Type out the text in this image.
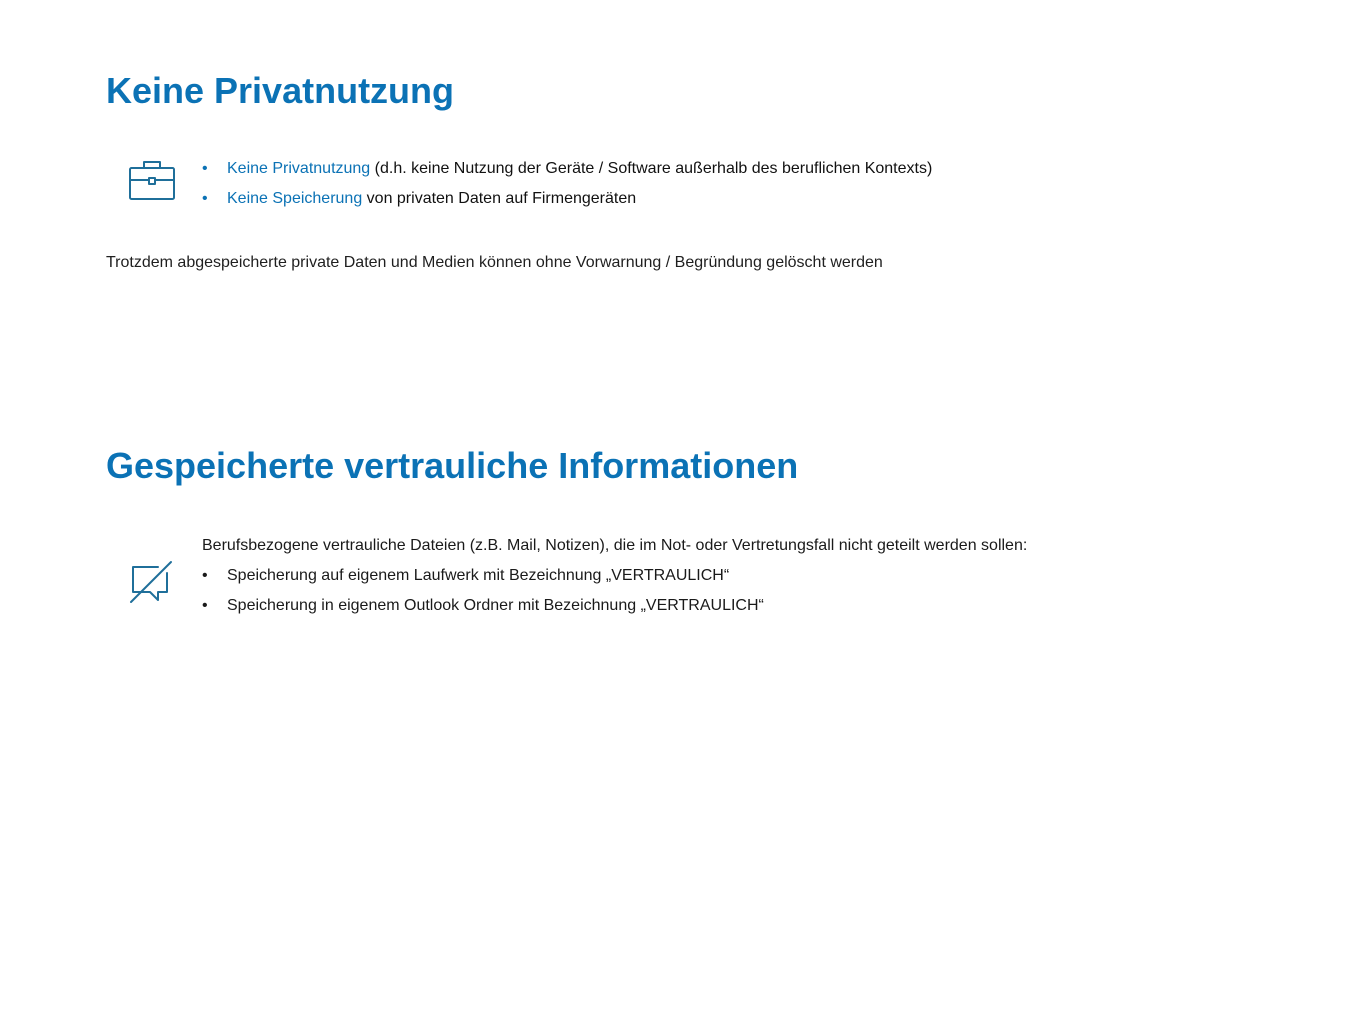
Keine Privatnutzung
• Keine Privatnutzung (d.h. keine Nutzung der Geräte / Software außerhalb des beruflichen Kontexts)
• Keine Speicherung von privaten Daten auf Firmengeräten
Trotzdem abgespeicherte private Daten und Medien können ohne Vorwarnung / Begründung gelöscht werden
Gespeicherte vertrauliche Informationen
Berufsbezogene vertrauliche Dateien (z.B. Mail, Notizen), die im Not- oder Vertretungsfall nicht geteilt werden sollen:
• Speicherung auf eigenem Laufwerk mit Bezeichnung „VERTRAULICH“
• Speicherung in eigenem Outlook Ordner mit Bezeichnung „VERTRAULICH“
